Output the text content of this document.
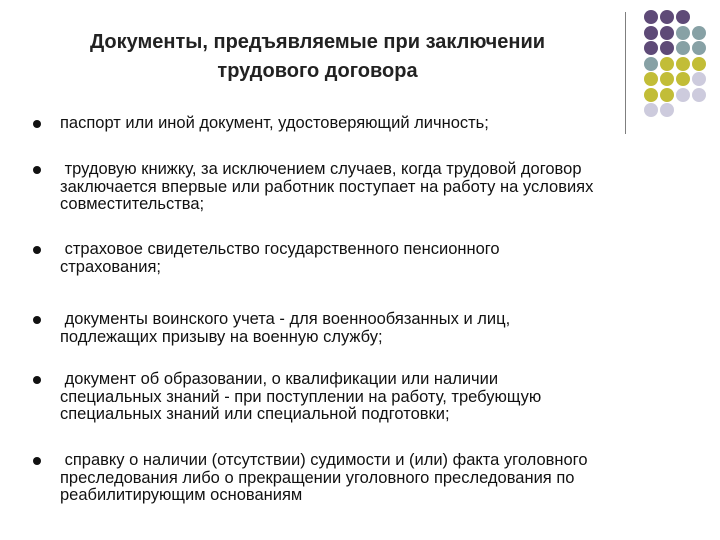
Документы, предъявляемые при заключении
трудового договора
паспорт или иной документ, удостоверяющий личность;
трудовую книжку, за исключением случаев, когда трудовой договор
заключается впервые или работник поступает на работу на условиях
совместительства;
страховое свидетельство государственного пенсионного
страхования;
документы воинского учета - для военнообязанных и лиц,
подлежащих призыву на военную службу;
документ об образовании, о квалификации или наличии
специальных знаний - при поступлении на работу, требующую
специальных знаний или специальной подготовки;
справку о наличии (отсутствии) судимости и (или) факта уголовного
преследования либо о прекращении уголовного преследования по
реабилитирующим основаниям
